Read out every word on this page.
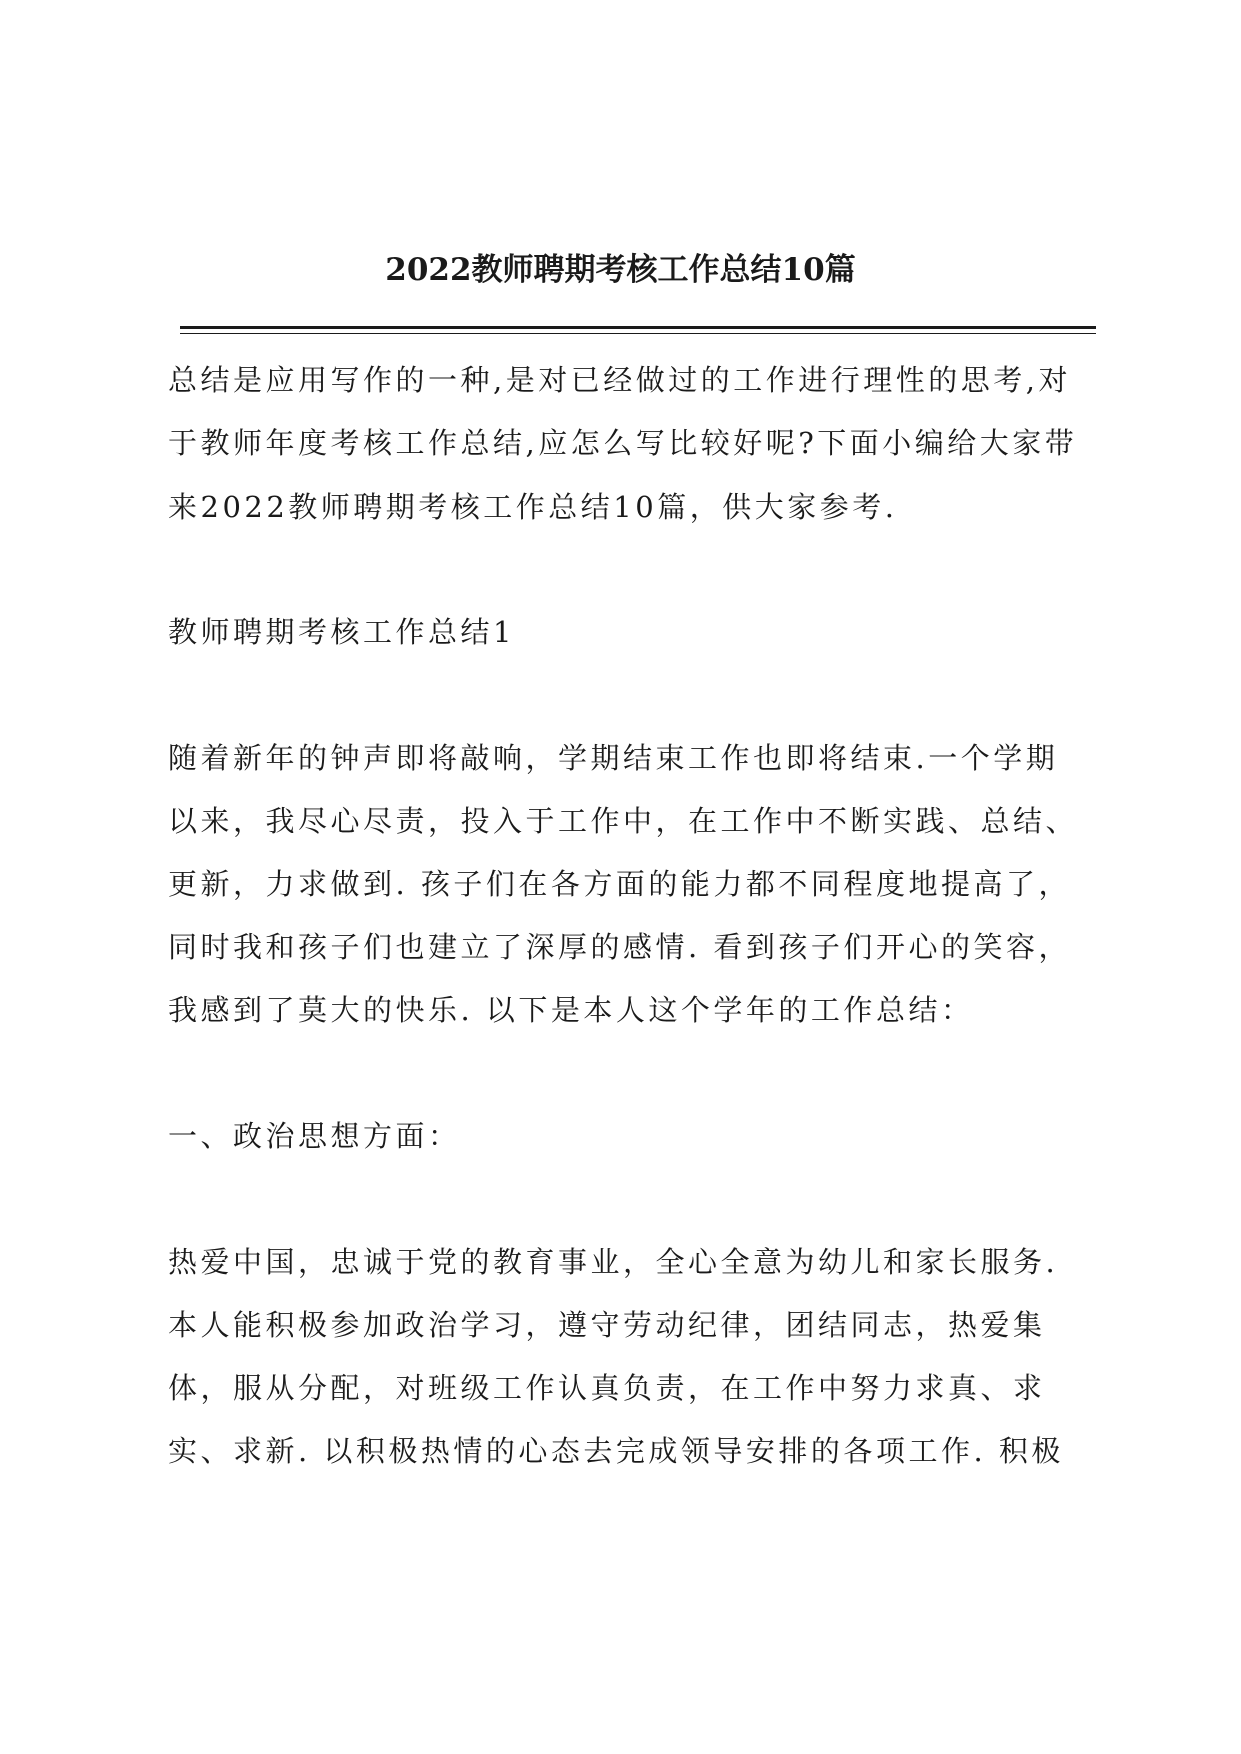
2022教师聘期考核工作总结10篇
总结是应用写作的一种,是对已经做过的工作进行理性的思考,对
于教师年度考核工作总结,应怎么写比较好呢?下面小编给大家带
来2022教师聘期考核工作总结10篇，供大家参考.
教师聘期考核工作总结1
随着新年的钟声即将敲响，学期结束工作也即将结束.一个学期
以来，我尽心尽责，投入于工作中，在工作中不断实践、总结、
更新，力求做到. 孩子们在各方面的能力都不同程度地提高了，
同时我和孩子们也建立了深厚的感情. 看到孩子们开心的笑容，
我感到了莫大的快乐. 以下是本人这个学年的工作总结：
一、政治思想方面：
热爱中国，忠诚于党的教育事业，全心全意为幼儿和家长服务.
本人能积极参加政治学习，遵守劳动纪律，团结同志，热爱集
体，服从分配，对班级工作认真负责，在工作中努力求真、求
实、求新. 以积极热情的心态去完成领导安排的各项工作. 积极
